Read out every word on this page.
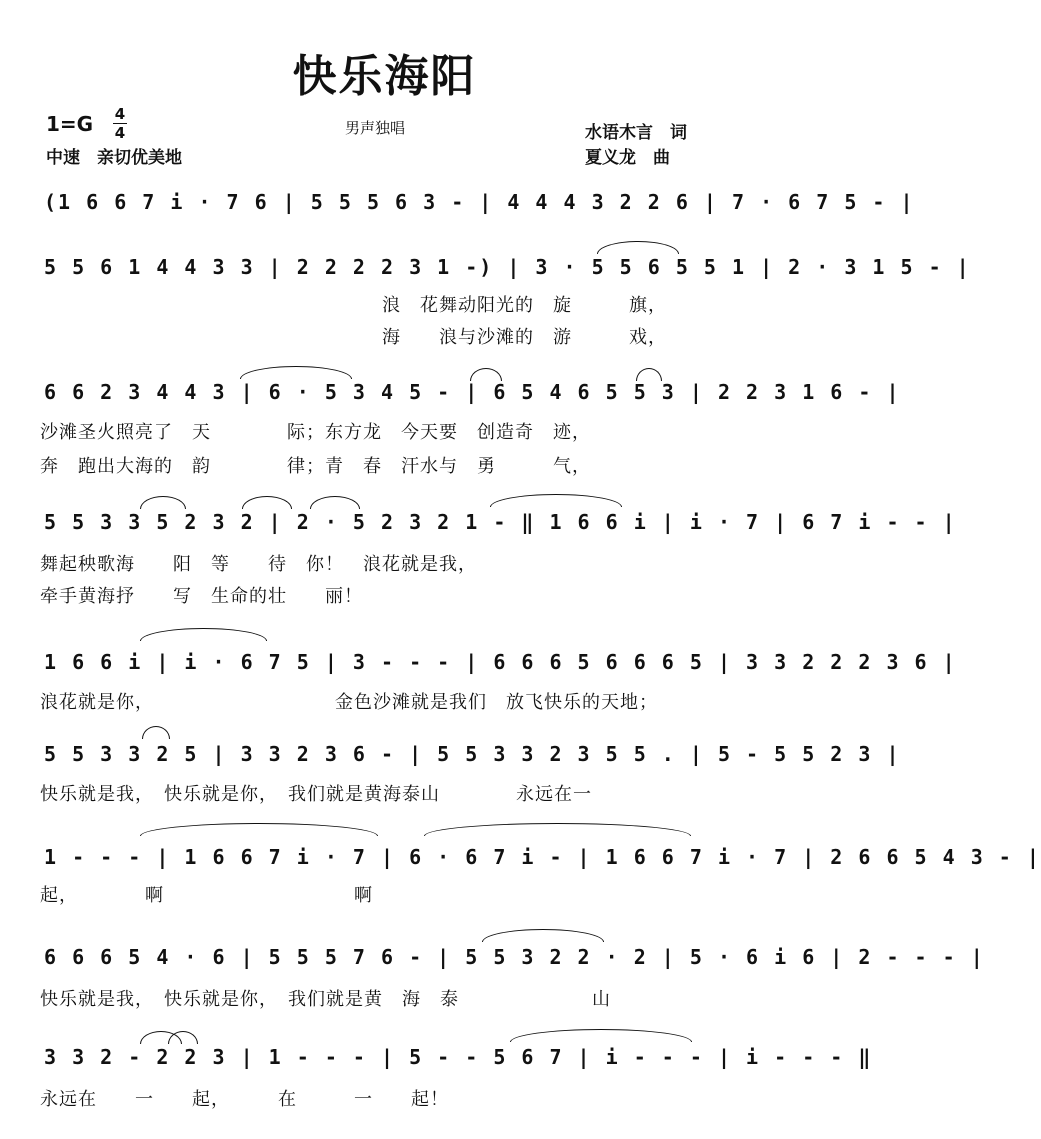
快乐海阳
1=G 4
4	男声独唱	水语木言　词
中速　亲切优美地	夏义龙　曲
(1 6 6 7 i · 7 6 | 5 5 5 6 3 - | 4 4 4 3 2 2 6 | 7 · 6 7 5 - |
5 5 6 1 4 4 3 3 | 2 2 2 2 3 1 -) | 3 · 5 5 6 5 5 1 | 2 · 3 1 5 - |
　　　　　　　　　　　　　　　　　　浪　花舞动阳光的　旋　　　旗，
　　　　　　　　　　　　　　　　　　海　　浪与沙滩的　游　　　戏，
6 6 2 3 4 4 3 | 6 · 5 3 4 5 - | 6 5 4 6 5 5 3 | 2 2 3 1 6 - |
沙滩圣火照亮了　天　　　　际；东方龙　今天要　创造奇　迹，
奔　跑出大海的　韵　　　　律；青　春　汗水与　勇　　　气，
5 5 3 3 5 2 3 2 | 2 · 5 2 3 2 1 - ‖ 1 6 6 i | i · 7 | 6 7 i - - |
舞起秧歌海　　阳　等　　待　你！　浪花就是我，
牵手黄海抒　　写　生命的壮　　丽！
1 6 6 i | i · 6 7 5 | 3 - - - | 6 6 6 5 6 6 6 5 | 3 3 2 2 2 3 6 |
浪花就是你，　　　　　　　　　　金色沙滩就是我们　放飞快乐的天地；
5 5 3 3 2 5 | 3 3 2 3 6 - | 5 5 3 3 2 3 5 5 . | 5 - 5 5 2 3 |
快乐就是我，　快乐就是你，　我们就是黄海泰山　　　　永远在一
1 - - - | 1 6 6 7 i · 7 | 6 · 6 7 i - | 1 6 6 7 i · 7 | 2 6 6 5 4 3 - |
起，　　　　啊　　　　　　　　　　啊
6 6 6 5 4 · 6 | 5 5 5 7 6 - | 5 5 3 2 2 · 2 | 5 · 6 i 6 | 2 - - - |
快乐就是我，　快乐就是你，　我们就是黄　海　泰　　　　　　　山
3 3 2 - 2 2 3 | 1 - - - | 5 - - 5 6 7 | i - - - | i - - - ‖
永远在　　一　　起，　　　在　　　一　　起！
